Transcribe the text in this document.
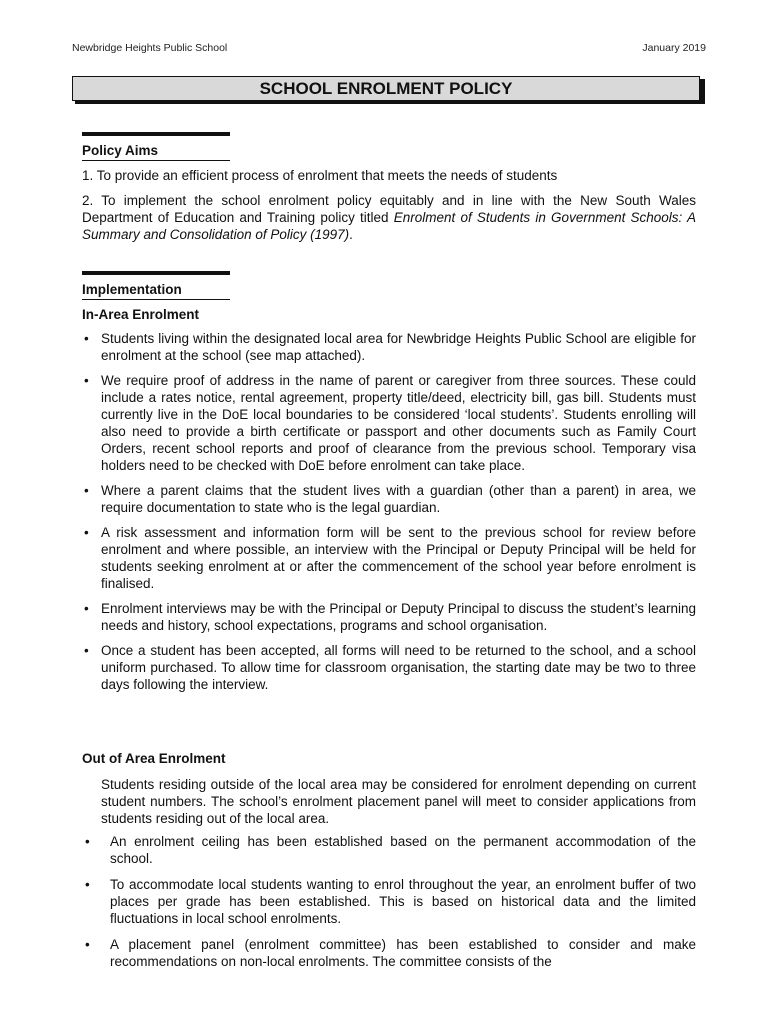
Newbridge Heights Public School	January 2019
SCHOOL ENROLMENT POLICY
Policy Aims
1. To provide an efficient process of enrolment that meets the needs of students
2. To implement the school enrolment policy equitably and in line with the New South Wales Department of Education and Training policy titled Enrolment of Students in Government Schools: A Summary and Consolidation of Policy (1997).
Implementation
In-Area Enrolment
• Students living within the designated local area for Newbridge Heights Public School are eligible for enrolment at the school (see map attached).
• We require proof of address in the name of parent or caregiver from three sources. These could include a rates notice, rental agreement, property title/deed, electricity bill, gas bill. Students must currently live in the DoE local boundaries to be considered ‘local students’. Students enrolling will also need to provide a birth certificate or passport and other documents such as Family Court Orders, recent school reports and proof of clearance from the previous school. Temporary visa holders need to be checked with DoE before enrolment can take place.
• Where a parent claims that the student lives with a guardian (other than a parent) in area, we require documentation to state who is the legal guardian.
• A risk assessment and information form will be sent to the previous school for review before enrolment and where possible, an interview with the Principal or Deputy Principal will be held for students seeking enrolment at or after the commencement of the school year before enrolment is finalised.
• Enrolment interviews may be with the Principal or Deputy Principal to discuss the student’s learning needs and history, school expectations, programs and school organisation.
• Once a student has been accepted, all forms will need to be returned to the school, and a school uniform purchased. To allow time for classroom organisation, the starting date may be two to three days following the interview.
Out of Area Enrolment
Students residing outside of the local area may be considered for enrolment depending on current student numbers. The school’s enrolment placement panel will meet to consider applications from students residing out of the local area.
• An enrolment ceiling has been established based on the permanent accommodation of the school.
• To accommodate local students wanting to enrol throughout the year, an enrolment buffer of two places per grade has been established. This is based on historical data and the limited fluctuations in local school enrolments.
• A placement panel (enrolment committee) has been established to consider and make recommendations on non-local enrolments. The committee consists of the
